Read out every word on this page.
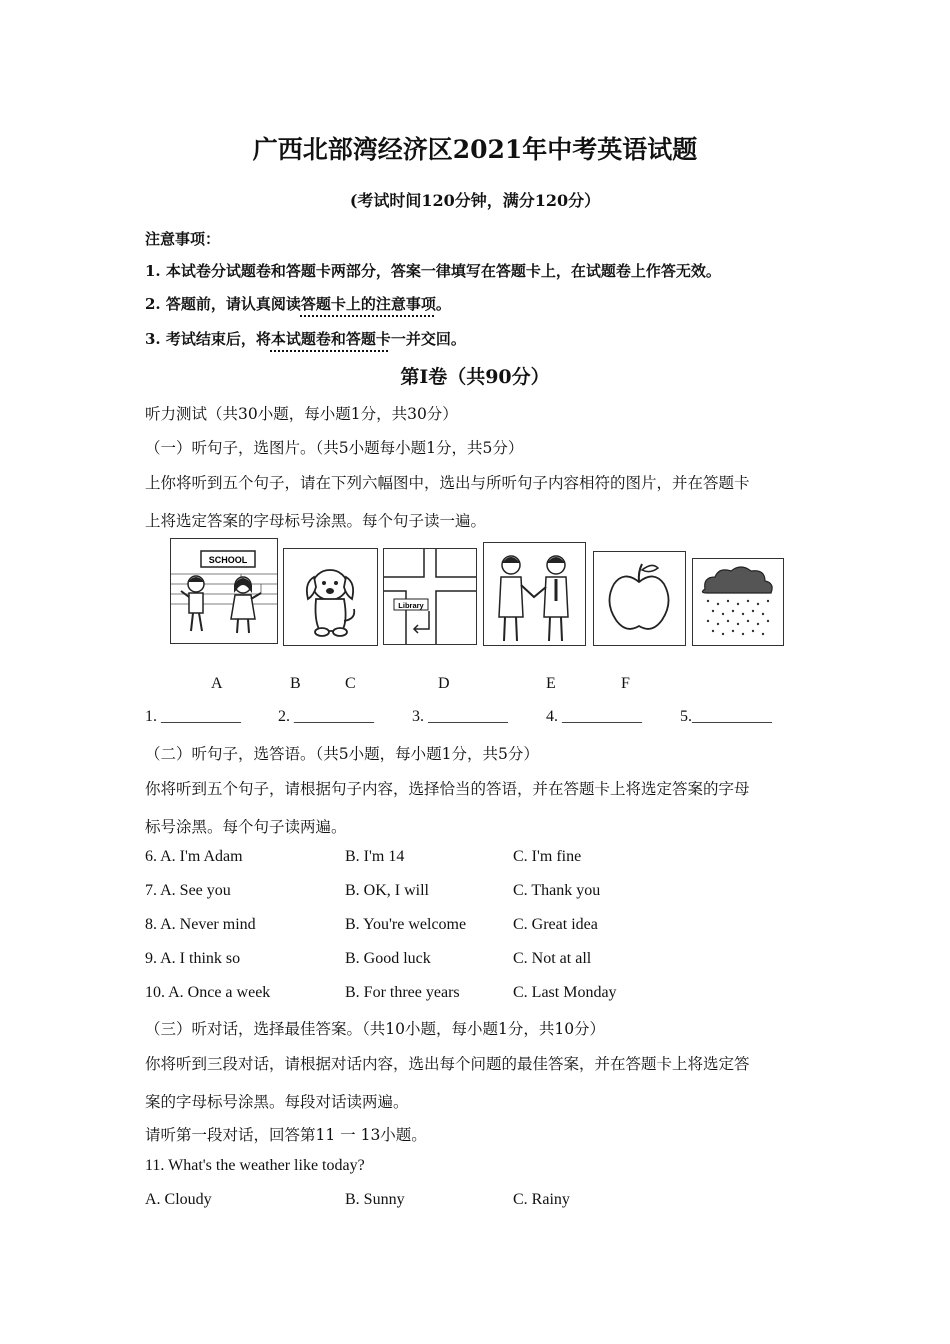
广西北部湾经济区2021年中考英语试题
(考试时间120分钟，满分120分）
注意事项：
1. 本试卷分试题卷和答题卡两部分，答案一律填写在答题卡上，在试题卷上作答无效。
2. 答题前，请认真阅读答题卡上的注意事项。
3. 考试结束后，将本试题卷和答题卡一并交回。
第Ⅰ卷（共90分）
听力测试（共30小题，每小题1分，共30分）
（一）听句子，选图片。（共5小题每小题1分，共5分）
上你将听到五个句子，请在下列六幅图中，选出与所听句子内容相符的图片，并在答题卡
上将选定答案的字母标号涂黑。每个句子读一遍。
SCHOOL
Library
A	B	C	D	E	F
1. __________ 2. __________ 3. __________ 4. __________ 5.__________
（二）听句子，选答语。（共5小题，每小题1分，共5分）
你将听到五个句子，请根据句子内容，选择恰当的答语，并在答题卡上将选定答案的字母
标号涂黑。每个句子读两遍。
6. A. I'm Adam	B. I'm 14	C. I'm fine
7. A. See you	B. OK, I will	C. Thank you
8. A. Never mind	B. You're welcome	C. Great idea
9. A. I think so	B. Good luck	C. Not at all
10. A. Once a week	B. For three years	C. Last Monday
（三）听对话，选择最佳答案。（共10小题，每小题1分，共10分）
你将听到三段对话，请根据对话内容，选出每个问题的最佳答案，并在答题卡上将选定答
案的字母标号涂黑。每段对话读两遍。
请听第一段对话，回答第11 一 13小题。
11. What's the weather like today?
A. Cloudy	B. Sunny	C. Rainy
